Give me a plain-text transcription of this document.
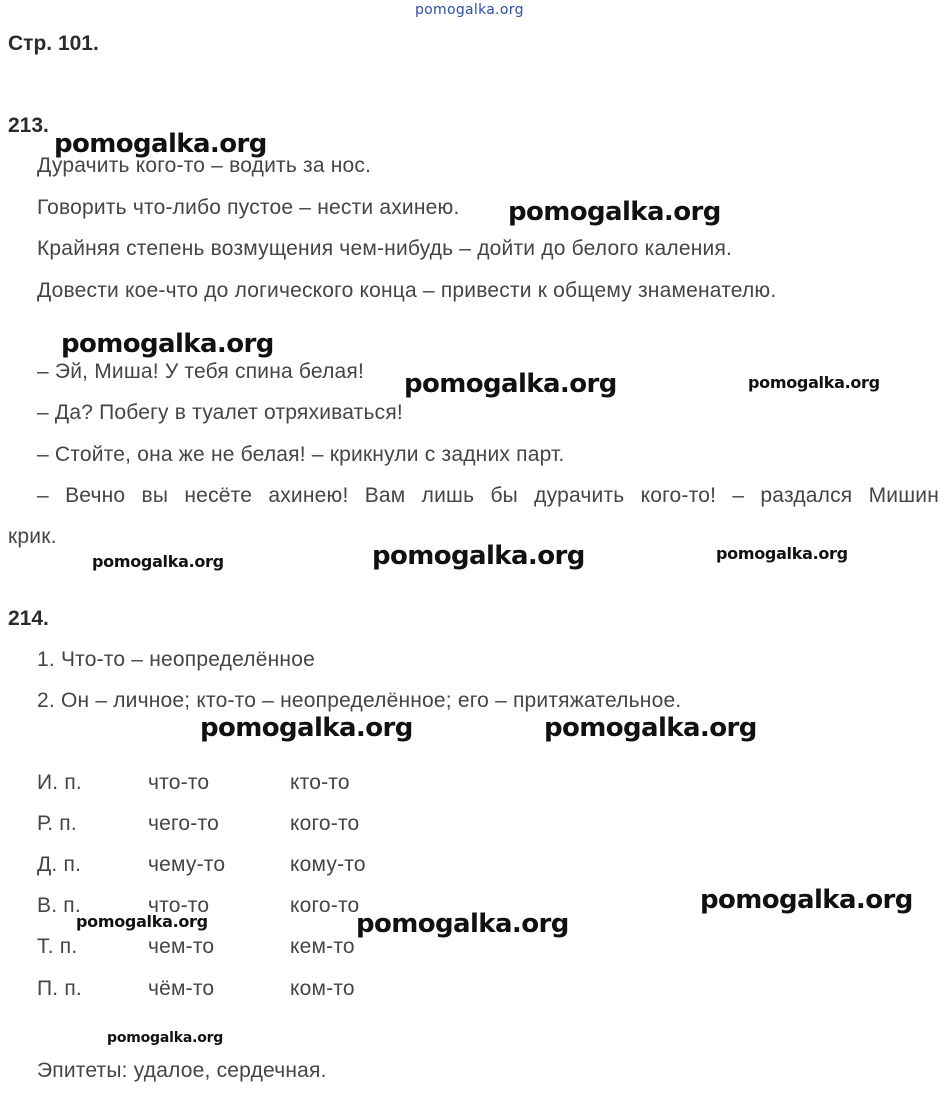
pomogalka.org
Стр. 101.
213.
Дурачить кого-то – водить за нос.
Говорить что-либо пустое – нести ахинею.
Крайняя степень возмущения чем-нибудь – дойти до белого каления.
Довести кое-что до логического конца – привести к общему знаменателю.
– Эй, Миша! У тебя спина белая!
– Да? Побегу в туалет отряхиваться!
– Стойте, она же не белая! – крикнули с задних парт.
– Вечно вы несёте ахинею! Вам лишь бы дурачить кого-то! – раздался Мишин
крик.
214.
1. Что-то – неопределённое
2. Он – личное; кто-то – неопределённое; его – притяжательное.
И. п.	что-то	кто-то
Р. п.	чего-то	кого-то
Д. п.	чему-то	кому-то
В. п.	что-то	кого-то
Т. п.	чем-то	кем-то
П. п.	чём-то	ком-то
Эпитеты: удалое, сердечная.
pomogalka.org
pomogalka.org
pomogalka.org
pomogalka.org	pomogalka.org
pomogalka.org	pomogalka.org	pomogalka.org
pomogalka.org	pomogalka.org
pomogalka.org
pomogalka.org	pomogalka.org
pomogalka.org
